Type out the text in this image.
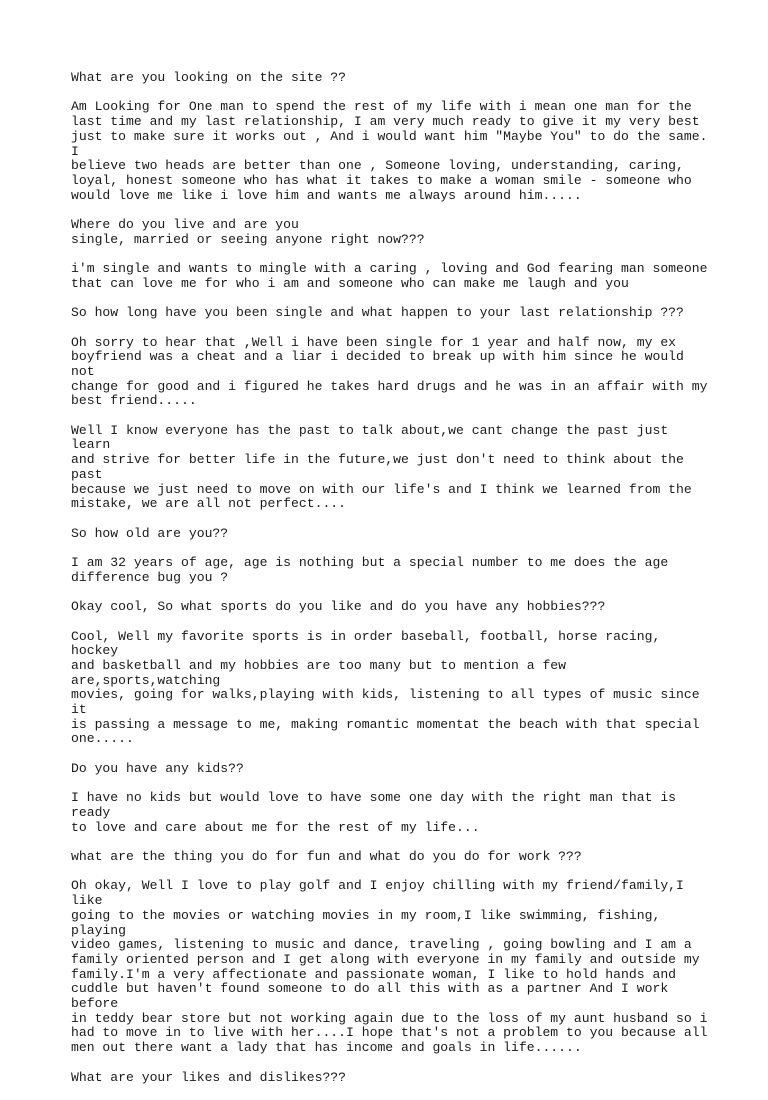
What are you looking on the site ??

Am Looking for One man to spend the rest of my life with i mean one man for the
last time and my last relationship, I am very much ready to give it my very best
just to make sure it works out , And i would want him "Maybe You" to do the same. I
believe two heads are better than one , Someone loving, understanding, caring,
loyal, honest someone who has what it takes to make a woman smile - someone who
would love me like i love him and wants me always around him.....

Where do you live and are you
single, married or seeing anyone right now???

i'm single and wants to mingle with a caring , loving and God fearing man someone
that can love me for who i am and someone who can make me laugh and you

So how long have you been single and what happen to your last relationship ???

Oh sorry to hear that ,Well i have been single for 1 year and half now, my ex
boyfriend was a cheat and a liar i decided to break up with him since he would not
change for good and i figured he takes hard drugs and he was in an affair with my
best friend.....

Well I know everyone has the past to talk about,we cant change the past just learn
and strive for better life in the future,we just don't need to think about the past
because we just need to move on with our life's and I think we learned from the
mistake, we are all not perfect....

So how old are you??

I am 32 years of age, age is nothing but a special number to me does the age
difference bug you ?

Okay cool, So what sports do you like and do you have any hobbies???

Cool, Well my favorite sports is in order baseball, football, horse racing, hockey
and basketball and my hobbies are too many but to mention a few are,sports,watching
movies, going for walks,playing with kids, listening to all types of music since it
is passing a message to me, making romantic momentat the beach with that special
one.....

Do you have any kids??

I have no kids but would love to have some one day with the right man that is ready
to love and care about me for the rest of my life...

what are the thing you do for fun and what do you do for work ???

Oh okay, Well I love to play golf and I enjoy chilling with my friend/family,I like
going to the movies or watching movies in my room,I like swimming, fishing, playing
video games, listening to music and dance, traveling , going bowling and I am a
family oriented person and I get along with everyone in my family and outside my
family.I'm a very affectionate and passionate woman, I like to hold hands and
cuddle but haven't found someone to do all this with as a partner And I work before
in teddy bear store but not working again due to the loss of my aunt husband so i
had to move in to live with her....I hope that's not a problem to you because all
men out there want a lady that has income and goals in life......

What are your likes and dislikes???
